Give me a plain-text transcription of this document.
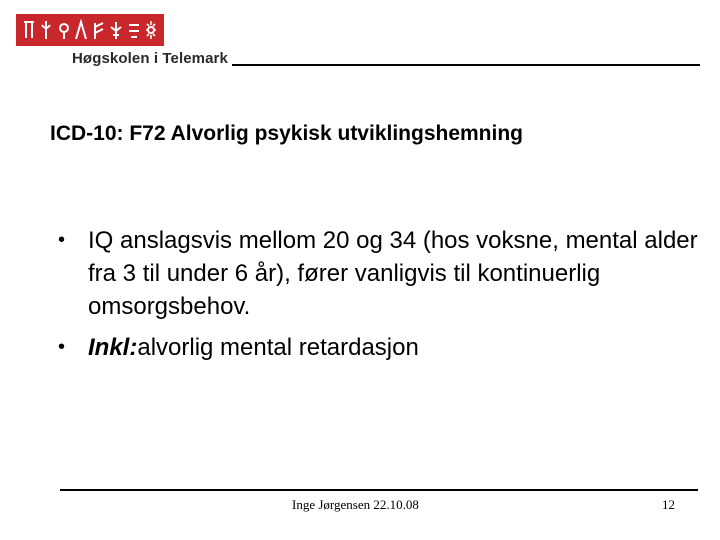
Høgskolen i Telemark
ICD-10: F72 Alvorlig psykisk utviklingshemning
• IQ anslagsvis mellom 20 og 34 (hos voksne, mental alder fra 3 til under 6 år), fører vanligvis til kontinuerlig omsorgsbehov.
• Inkl:alvorlig mental retardasjon
Inge Jørgensen 22.10.08	12
